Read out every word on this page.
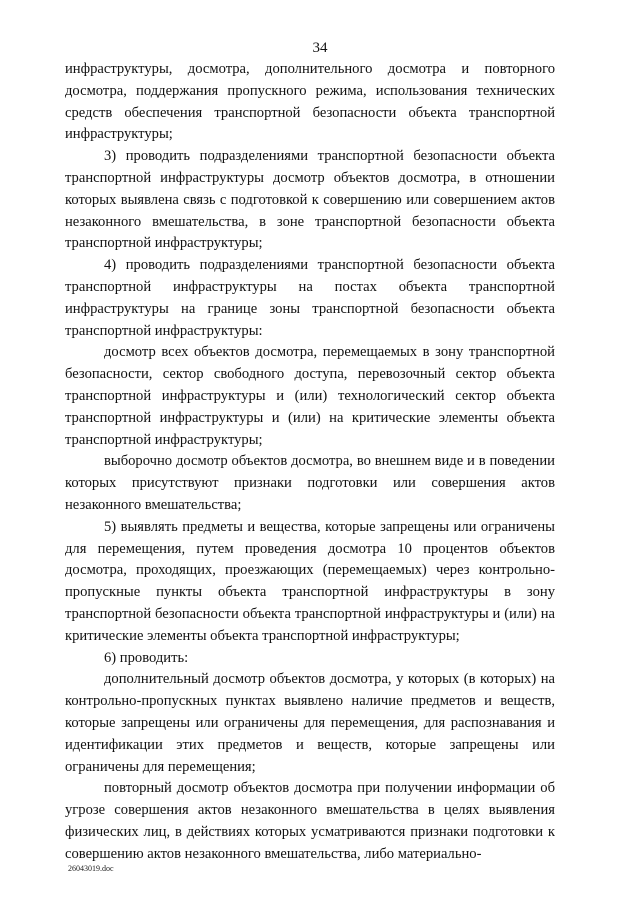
34

инфраструктуры, досмотра, дополнительного досмотра и повторного досмотра, поддержания пропускного режима, использования технических средств обеспечения транспортной безопасности объекта транспортной инфраструктуры;

3) проводить подразделениями транспортной безопасности объекта транспортной инфраструктуры досмотр объектов досмотра, в отношении которых выявлена связь с подготовкой к совершению или совершением актов незаконного вмешательства, в зоне транспортной безопасности объекта транспортной инфраструктуры;

4) проводить подразделениями транспортной безопасности объекта транспортной инфраструктуры на постах объекта транспортной инфраструктуры на границе зоны транспортной безопасности объекта транспортной инфраструктуры:

досмотр всех объектов досмотра, перемещаемых в зону транспортной безопасности, сектор свободного доступа, перевозочный сектор объекта транспортной инфраструктуры и (или) технологический сектор объекта транспортной инфраструктуры и (или) на критические элементы объекта транспортной инфраструктуры;

выборочно досмотр объектов досмотра, во внешнем виде и в поведении которых присутствуют признаки подготовки или совершения актов незаконного вмешательства;

5) выявлять предметы и вещества, которые запрещены или ограничены для перемещения, путем проведения досмотра 10 процентов объектов досмотра, проходящих, проезжающих (перемещаемых) через контрольно-пропускные пункты объекта транспортной инфраструктуры в зону транспортной безопасности объекта транспортной инфраструктуры и (или) на критические элементы объекта транспортной инфраструктуры;

6) проводить:

дополнительный досмотр объектов досмотра, у которых (в которых) на контрольно-пропускных пунктах выявлено наличие предметов и веществ, которые запрещены или ограничены для перемещения, для распознавания и идентификации этих предметов и веществ, которые запрещены или ограничены для перемещения;

повторный досмотр объектов досмотра при получении информации об угрозе совершения актов незаконного вмешательства в целях выявления физических лиц, в действиях которых усматриваются признаки подготовки к совершению актов незаконного вмешательства, либо материально-

26043019.doc
